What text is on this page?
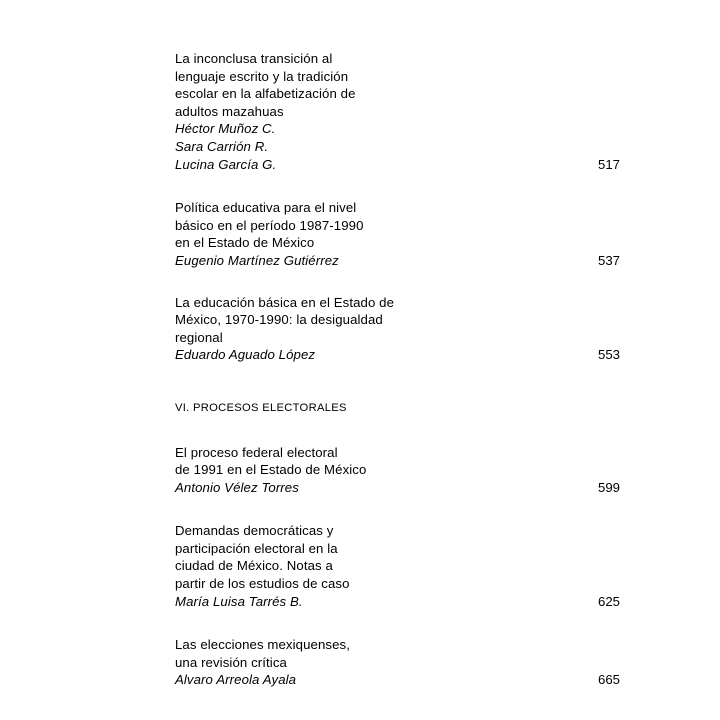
La inconclusa transición al
lenguaje escrito y la tradición
escolar en la alfabetización de
adultos mazahuas
Héctor Muñoz C.
Sara Carrión R.
Lucina García G.	517
Política educativa para el nivel
básico en el período 1987-1990
en el Estado de México
Eugenio Martínez Gutiérrez	537
La educación básica en el Estado de
México, 1970-1990: la desigualdad
regional
Eduardo Aguado López	553
VI. PROCESOS ELECTORALES
El proceso federal electoral
de 1991 en el Estado de México
Antonio Vélez Torres	599
Demandas democráticas y
participación electoral en la
ciudad de México. Notas a
partir de los estudios de caso
María Luisa Tarrés B.	625
Las elecciones mexiquenses,
una revisión crítica
Alvaro Arreola Ayala	665
